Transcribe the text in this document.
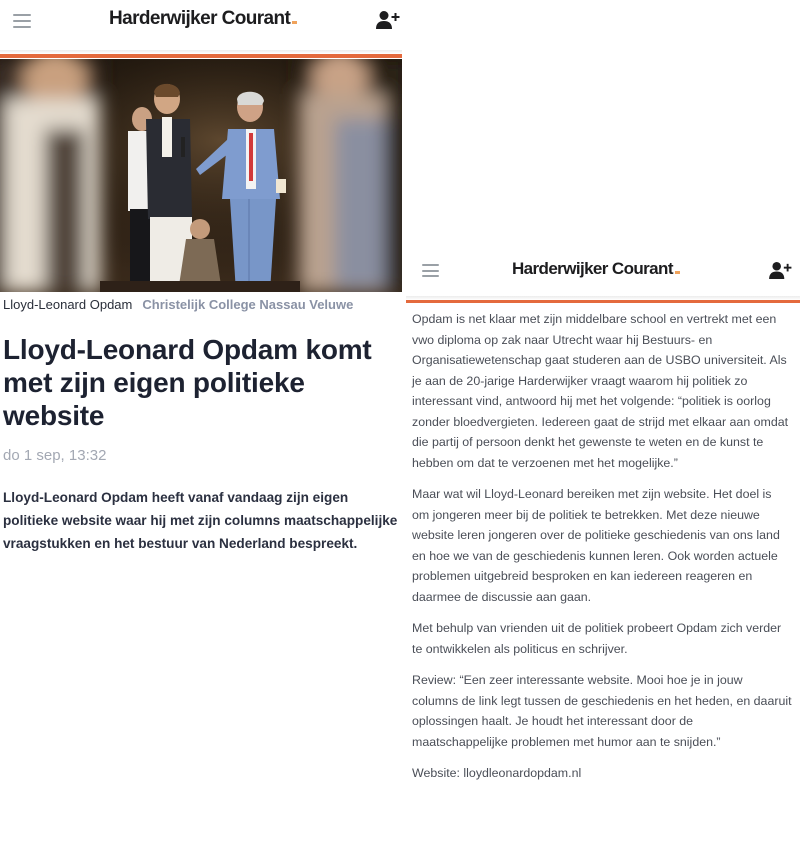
Harderwijker Courant
Lloyd-Leonard Opdam Christelijk College Nassau Veluwe
Lloyd-Leonard Opdam komt met zijn eigen politieke website
do 1 sep, 13:32

Lloyd-Leonard Opdam heeft vanaf vandaag zijn eigen politieke website waar hij met zijn columns maatschappelijke vraagstukken en het bestuur van Nederland bespreekt.

Harderwijker Courant

Opdam is net klaar met zijn middelbare school en vertrekt met een vwo diploma op zak naar Utrecht waar hij Bestuurs- en Organisatiewetenschap gaat studeren aan de USBO universiteit. Als je aan de 20-jarige Harderwijker vraagt waarom hij politiek zo interessant vind, antwoord hij met het volgende: “politiek is oorlog zonder bloedvergieten. Iedereen gaat de strijd met elkaar aan omdat die partij of persoon denkt het gewenste te weten en de kunst te hebben om dat te verzoenen met het mogelijke.”

Maar wat wil Lloyd-Leonard bereiken met zijn website. Het doel is om jongeren meer bij de politiek te betrekken. Met deze nieuwe website leren jongeren over de politieke geschiedenis van ons land en hoe we van de geschiedenis kunnen leren. Ook worden actuele problemen uitgebreid besproken en kan iedereen reageren en daarmee de discussie aan gaan.

Met behulp van vrienden uit de politiek probeert Opdam zich verder te ontwikkelen als politicus en schrijver.

Review: “Een zeer interessante website. Mooi hoe je in jouw columns de link legt tussen de geschiedenis en het heden, en daaruit oplossingen haalt. Je houdt het interessant door de maatschappelijke problemen met humor aan te snijden.”

Website: lloydleonardopdam.nl
